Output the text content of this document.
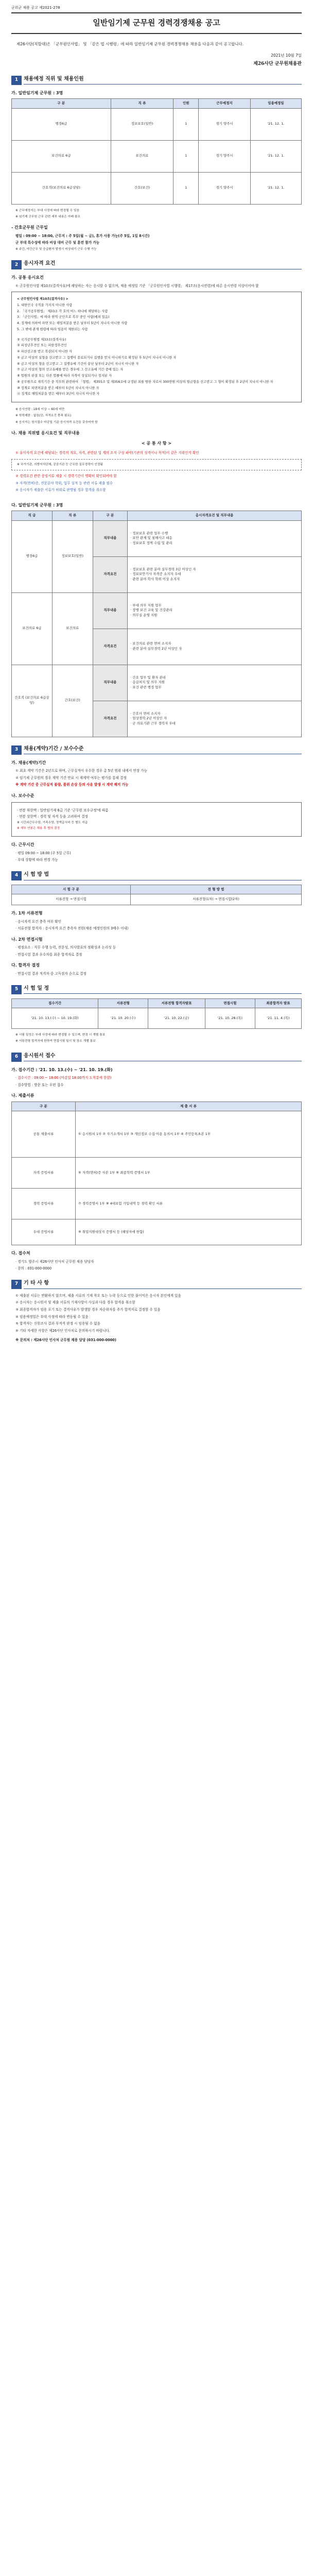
군위군 채용 공고 제2021-278
일반임기제 군무원 경력경쟁채용 공고

제26사단(직할대)은 「군무원인사법」 및 「같은 법 시행령」에 따라 일반임기제 군무원 경력경쟁채용 채용을 다음과 같이 공고합니다.

2021년 10월 7일
제26사단 군무원채용관
1	채용예정 직위 및 채용인원
가. 일반임기제 군무원 : 3명
구 분	직 류	인원	근무예정지	임용예정일
행정6급	정보보호(일반)	1	경기 양주시	'21. 12. 1.
보건의료 6급	보건의료	1	경기 양주시	'21. 12. 1.
간호직(보건의료 6급상당)	간호(보건)	1	경기 양주시	'21. 12. 1.
※ 근무예정지는 부대 사정에 따라 변경될 수 있음
※ 임기제 군무원 근무 관련 세부 내용은 아래 참조
- 간호군무원 근무일
평일 : 09:00 ~ 18:00, 근무지 : 주 5일(월 ~ 금), 휴가 사용 가능(주 5일, 1일 8시간)
군 부대 특수성에 따라 비상 대비 근무 및 훈련 참가 가능
※ 주간, 야간근무 및 응급환자 발생시 비상대기 근무 수행 가능
2	응시자격 요건
가. 공통 응시요건
① 군무원인사법 제10조(결격사유)에 해당하는 자는 응시할 수 없으며, 채용 예정일 기준 「군무원인사법 시행령」 제17조(응시연령)에 따른 응시연령 이상이어야 함

< 군무원인사법 제10조(결격사유) >

1. 대한민국 국적을 가지지 아니한 사람

2. 「국가공무원법」 제33조 각 호의 어느 하나에 해당하는 사람

3. 「군인사법」에 따라 현역 군인으로 복무 중인 사람(예외 있음)

4. 징계에 의하여 파면 또는 해임처분을 받은 날부터 5년이 지나지 아니한 사람

5. 그 밖에 관계 법령에 따라 임용이 제한되는 사람

② 국가공무원법 제33조(결격사유)

③ 피성년후견인 또는 피한정후견인

④ 파산선고를 받고 복권되지 아니한 자

⑤ 금고 이상의 실형을 선고받고 그 집행이 종료되거나 집행을 받지 아니하기로 확정된 후 5년이 지나지 아니한 자

⑥ 금고 이상의 형을 선고받고 그 집행유예 기간이 끝난 날부터 2년이 지나지 아니한 자

⑦ 금고 이상의 형의 선고유예를 받은 경우에 그 선고유예 기간 중에 있는 자

⑧ 법원의 판결 또는 다른 법률에 따라 자격이 상실되거나 정지된 자

⑨ 공무원으로 재직기간 중 직무와 관련하여 「형법」 제355조 및 제356조에 규정된 죄를 범한 자로서 300만원 이상의 벌금형을 선고받고 그 형이 확정된 후 2년이 지나지 아니한 자

⑩ 징계로 파면처분을 받은 때부터 5년이 지나지 아니한 자

⑪ 징계로 해임처분을 받은 때부터 3년이 지나지 아니한 자

※ 응시연령 : 18세 이상 ~ 60세 미만
※ 학력제한 : 없음(단, 자격요건 충족 필요)
※ 응시자는 원서접수 마감일 기준 응시자격 요건을 갖추어야 함
나. 채용 직위별 응시요건 및 직무내용
< 공 통 사 항 >
① 유사자격 요건에 해당되는 경력의 개요, 자격, 관련된 업 계의 조직 구성 파악(기관의 성격이나 목적)이 같은 지위인지 확인
※ 국가기관, 지방자치단체, 공공기관 등 근무한 실무경력이 인정됨
② 경력요건 관련 증빙서류 제출 시 경력기간이 명확히 확인되어야 함
③ 자격(면허)증, 전문분야 학위, 업무 실적 등 관련 서류 제출 필수
④ 응시자가 제출한 서류가 허위로 판명될 경우 합격을 취소함
다. 일반임기제 군무원 : 3명
직 급	직 류	구 분	응시자격요건 및 직무내용
행정6급	정보보호(일반)	직무내용	· 정보보호 관련 업무 수행
· 보안 관제 및 침해사고 대응
· 정보보호 정책 수립 및 관리
		자격요건	· 정보보호 관련 분야 실무경력 3년 이상인 자
· 정보보안기사 자격증 소지자 우대
· 관련 분야 학사 학위 이상 소지자
보건의료 6급	보건의료	직무내용	· 부대 의무 지원 업무
· 장병 보건 교육 및 건강관리
· 의무실 운영 지원
		자격요건	· 보건의료 관련 면허 소지자
· 관련 분야 실무경력 2년 이상인 자
간호직 (보건의료 6급상당)	간호(보건)	직무내용	· 간호 업무 및 환자 관리
· 응급처치 및 의무 지원
· 보건 관련 행정 업무
		자격요건	· 간호사 면허 소지자
· 임상경력 2년 이상인 자
· 군 의료기관 근무 경력자 우대
3	채용(계약)기간 / 보수수준
가. 채용(계약)기간
① 최초 계약 기간은 2년으로 하며, 근무실적이 우수한 경우 총 5년 범위 내에서 연장 가능
② 임기제 군무원의 경우 계약 기간 만료 시 재계약 여부는 평가를 통해 결정
※ 계약 기간 중 근무실적 불량, 품위 손상 등의 사유 발생 시 계약 해지 가능
나. 보수수준

· 연봉 하한액 : 일반임기제 6급 기준 '군무원 보수규정'에 따름

· 연봉 상한액 : 경력 및 자격 등을 고려하여 결정

※ 시간외근무수당, 가족수당, 정액급식비 등 별도 지급

※ 세부 연봉은 채용 후 협의 결정

다. 근무시간
· 평일 09:00 ~ 18:00 (주 5일 근무)
· 부대 상황에 따라 변경 가능
4	시 험 방 법
시 험 구 분	전 형 방 법
서류전형 → 면접시험	서류전형(1차) → 면접시험(2차)
가. 1차 서류전형
· 응시자격 요건 충족 여부 확인
· 서류전형 합격자 : 응시자격 요건 충족자 전원(채용 예정인원의 3배수 이내)
나. 2차 면접시험
· 평정요소 : 직무 수행 능력, 전문성, 의사발표의 정확성과 논리성 등
· 면접시험 결과 우수자를 최종 합격자로 결정
다. 합격자 결정
· 면접시험 결과 적격자 중 고득점자 순으로 결정
5	시 험 일 정
접수기간	서류전형	서류전형 합격자발표	면접시험	최종합격자 발표
'21. 10. 13.(수) ~ 10. 19.(화)	'21. 10. 20.(수)	'21. 10. 22.(금)	'21. 10. 28.(목)	'21. 11. 4.(목)
※ 시험 일정은 부대 사정에 따라 변경될 수 있으며, 변경 시 개별 통보
※ 서류전형 합격자에 한하여 면접시험 일시 및 장소 개별 통보
6	응시원서 접수
가. 접수기간 : '21. 10. 13.(수) ~ '21. 10. 19.(화)
· 접수시간 : 09:00 ~ 18:00 (마감일 18:00까지 도착분에 한함)
· 접수방법 : 방문 또는 우편 접수
나. 제출서류
구 분	제 출 서 류
공통 제출서류	① 응시원서 1부 ② 자기소개서 1부 ③ 개인정보 수집·이용 동의서 1부 ④ 주민등록초본 1부
자격 증빙서류	⑤ 자격(면허)증 사본 1부 ⑥ 최종학력 증명서 1부
경력 증빙서류	⑦ 경력증명서 1부 ⑧ 4대보험 가입내역 등 경력 확인 서류
우대 증빙서류	⑨ 취업지원대상자 증명서 등 (해당자에 한함)
다. 접수처
· 경기도 양주시 제26사단 인사처 군무원 채용 담당자
· 문의 : 031-000-0000
7	기 타 사 항
① 제출된 서류는 반환하지 않으며, 제출 서류의 기재 착오 또는 누락 등으로 인한 불이익은 응시자 본인에게 있음
② 응시자는 응시원서 및 제출 서류의 기재사항이 사실과 다를 경우 합격을 취소함
③ 최종합격자가 임용 포기 또는 결격사유가 발생할 경우 차순위자를 추가 합격자로 결정할 수 있음
④ 임용예정일은 부대 사정에 따라 변동될 수 있음
⑤ 합격자는 신원조사 결과 부적격 판정 시 임용될 수 없음
⑥ 기타 자세한 사항은 제26사단 인사처로 문의하시기 바랍니다.
※ 문의처 : 제26사단 인사처 군무원 채용 담당 (031-000-0000)
